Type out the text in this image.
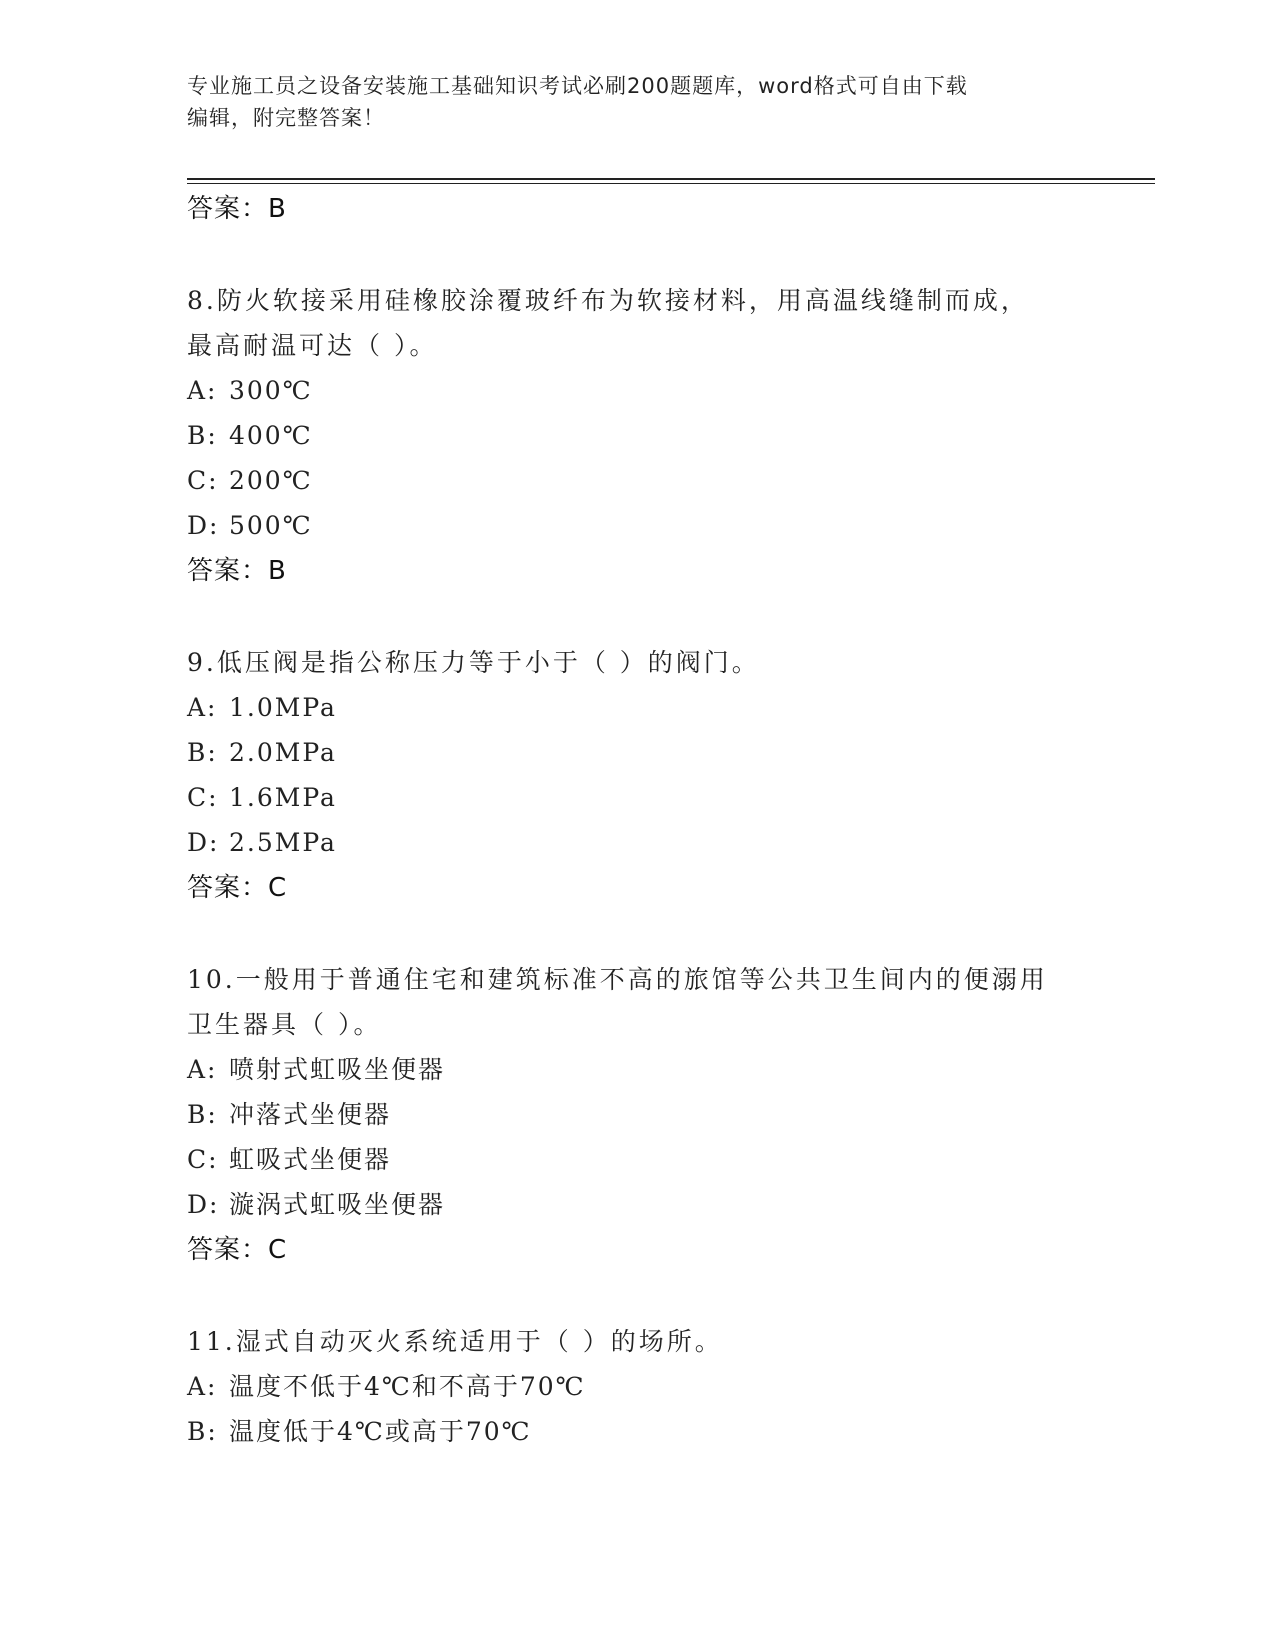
专业施工员之设备安装施工基础知识考试必刷200题题库，word格式可自由下载
编辑，附完整答案！
答案：B
8.防火软接采用硅橡胶涂覆玻纤布为软接材料，用高温线缝制而成，
最高耐温可达（ ）。
A: 300℃
B: 400℃
C: 200℃
D: 500℃
答案：B
9.低压阀是指公称压力等于小于（ ）的阀门。
A: 1.0MPa
B: 2.0MPa
C: 1.6MPa
D: 2.5MPa
答案：C
10.一般用于普通住宅和建筑标准不高的旅馆等公共卫生间内的便溺用
卫生器具（ ）。
A: 喷射式虹吸坐便器
B: 冲落式坐便器
C: 虹吸式坐便器
D: 漩涡式虹吸坐便器
答案：C
11.湿式自动灭火系统适用于（ ）的场所。
A: 温度不低于4℃和不高于70℃
B: 温度低于4℃或高于70℃
